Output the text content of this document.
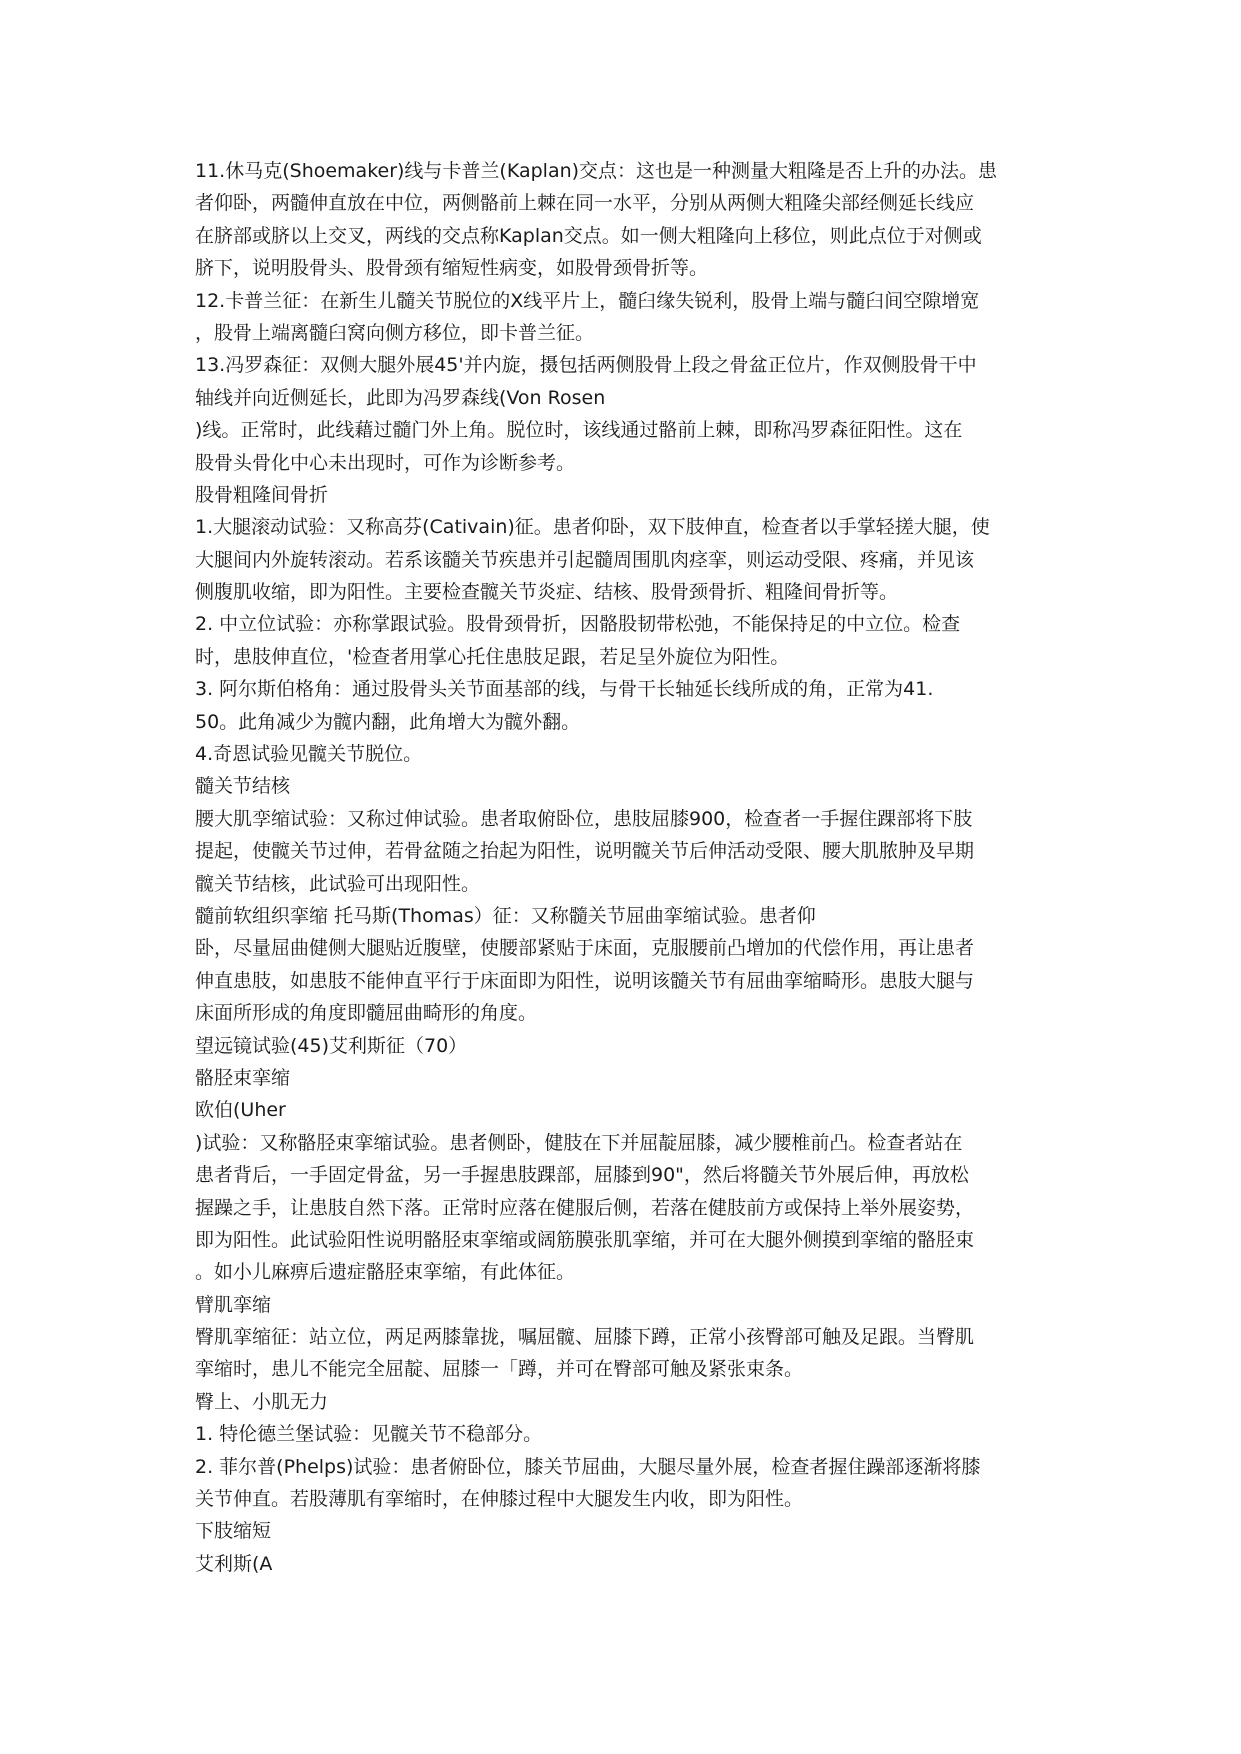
11.休马克(Shoemaker)线与卡普兰(Kaplan)交点：这也是一种测量大粗隆是否上升的办法。患
者仰卧，两髓伸直放在中位，两侧骼前上棘在同一水平，分别从两侧大粗隆尖部经侧延长线应
在脐部或脐以上交叉，两线的交点称Kaplan交点。如一侧大粗隆向上移位，则此点位于对侧或
脐下，说明股骨头、股骨颈有缩短性病变，如股骨颈骨折等。
12.卡普兰征：在新生儿髓关节脱位的X线平片上，髓臼缘失锐利，股骨上端与髓臼间空隙增宽
，股骨上端离髓臼窝向侧方移位，即卡普兰征。
13.冯罗森征：双侧大腿外展45'并内旋，摄包括两侧股骨上段之骨盆正位片，作双侧股骨干中
轴线并向近侧延长，此即为冯罗森线(Von Rosen
)线。正常时，此线藉过髓门外上角。脱位时，该线通过骼前上棘，即称冯罗森征阳性。这在
股骨头骨化中心未出现时，可作为诊断参考。
股骨粗隆间骨折
1.大腿滚动试验：又称高芬(Cativain)征。患者仰卧，双下肢伸直，检查者以手掌轻搓大腿，使
大腿间内外旋转滚动。若系该髓关节疾患并引起髓周围肌肉痉挛，则运动受限、疼痛，并见该
侧腹肌收缩，即为阳性。主要检查髋关节炎症、结核、股骨颈骨折、粗隆间骨折等。
2. 中立位试验：亦称掌跟试验。股骨颈骨折，因骼股韧带松弛，不能保持足的中立位。检查
时，患肢伸直位，'检查者用掌心托住患肢足跟，若足呈外旋位为阳性。
3. 阿尔斯伯格角：通过股骨头关节面基部的线，与骨干长轴延长线所成的角，正常为41.
50。此角减少为髋内翻，此角增大为髋外翻。
4.奇恩试验见髋关节脱位。
髓关节结核
腰大肌孪缩试验：又称过伸试验。患者取俯卧位，患肢屈膝900，检查者一手握住踝部将下肢
提起，使髋关节过伸，若骨盆随之抬起为阳性，说明髋关节后伸活动受限、腰大肌脓肿及早期
髋关节结核，此试验可出现阳性。
髓前软组织挛缩 托马斯(Thomas）征：又称髓关节屈曲挛缩试验。患者仰
卧，尽量屈曲健侧大腿贴近腹壁，使腰部紧贴于床面，克服腰前凸增加的代偿作用，再让患者
伸直患肢，如患肢不能伸直平行于床面即为阳性，说明该髓关节有屈曲挛缩畸形。患肢大腿与
床面所形成的角度即髓屈曲畸形的角度。
望远镜试验(45)艾利斯征（70）
骼胫束挛缩
欧伯(Uher
)试验：又称骼胫束挛缩试验。患者侧卧，健肢在下并屈靛屈膝，减少腰椎前凸。检查者站在
患者背后，一手固定骨盆，另一手握患肢踝部，屈膝到90"，然后将髓关节外展后伸，再放松
握躁之手，让患肢自然下落。正常时应落在健服后侧，若落在健肢前方或保持上举外展姿势，
即为阳性。此试验阳性说明骼胫束挛缩或阔筋膜张肌挛缩，并可在大腿外侧摸到挛缩的骼胫束
。如小儿麻痹后遗症骼胫束挛缩，有此体征。
臂肌挛缩
臀肌挛缩征：站立位，两足两膝靠拢，嘱屈髋、屈膝下蹲，正常小孩臀部可触及足跟。当臀肌
挛缩时，患儿不能完全屈靛、屈膝一「蹲，并可在臀部可触及紧张束条。
臀上、小肌无力
1. 特伦德兰堡试验：见髋关节不稳部分。
2. 菲尔普(Phelps)试验：患者俯卧位，膝关节屈曲，大腿尽量外展，检查者握住躁部逐渐将膝
关节伸直。若股薄肌有挛缩时，在伸膝过程中大腿发生内收，即为阳性。
下肢缩短
艾利斯(A
